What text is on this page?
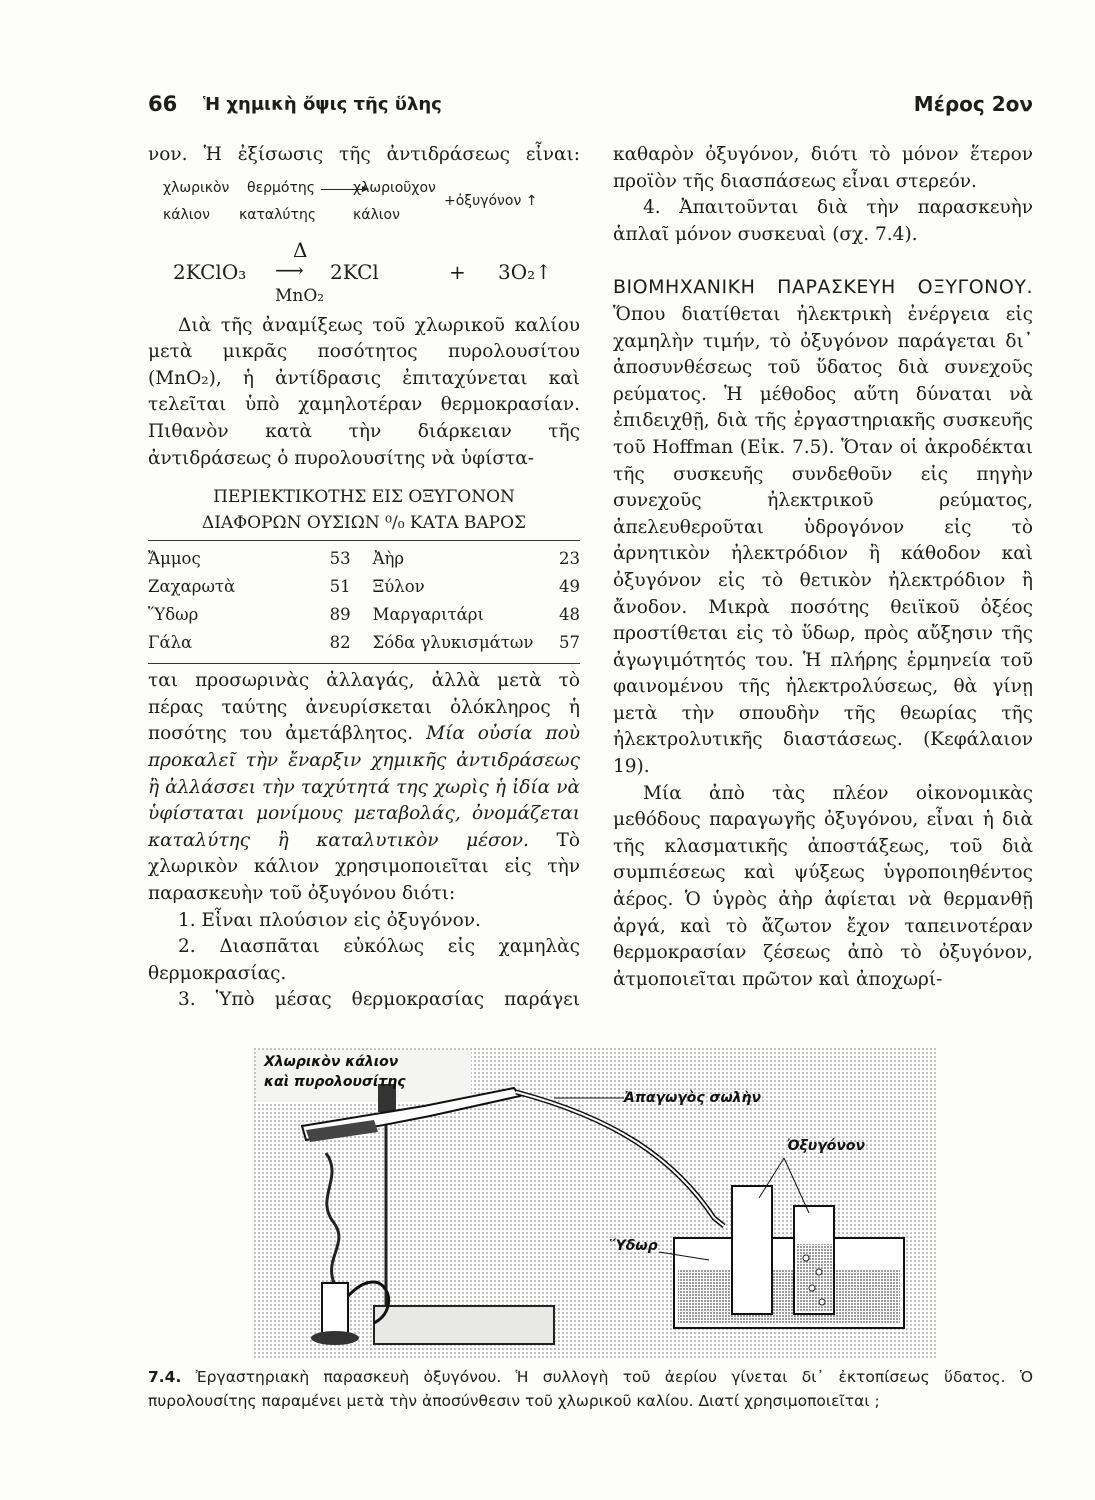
66 Ἡ χημικὴ ὄψις τῆς ὕλης	Μέρος 2ον

νον. Ἡ ἐξίσωσις τῆς ἀντιδράσεως εἶναι:

χλωρικὸν θερμότης	χλωριοῦχον
+ὀξυγόνον ↑
κάλιον καταλύτης	κάλιον
Δ
2KClO₃ ⟶ 2KCl	+ 3O₂↑
MnO₂

Διὰ τῆς ἀναμίξεως τοῦ χλωρικοῦ καλίου μετὰ μικρᾶς ποσότητος πυρολουσίτου (MnO₂), ἡ ἀντίδρασις ἐπιταχύνεται καὶ τελεῖται ὑπὸ χαμηλοτέραν θερμοκρασίαν. Πιθανὸν κατὰ τὴν διάρκειαν τῆς ἀντιδράσεως ὁ πυρολουσίτης νὰ ὑφίστα-

ΠΕΡΙΕΚΤΙΚΟΤΗΣ ΕΙΣ ΟΞΥΓΟΝΟΝ
ΔΙΑΦΟΡΩΝ ΟΥΣΙΩΝ ⁰/₀ ΚΑΤΑ ΒΑΡΟΣ
Ἄμμος	53	Ἀὴρ	23
Ζαχαρωτὰ	51	Ξύλον	49
Ὕδωρ	89	Μαργαριτάρι	48
Γάλα	82	Σόδα γλυκισμάτων	57

ται προσωρινὰς ἀλλαγάς, ἀλλὰ μετὰ τὸ πέρας ταύτης ἀνευρίσκεται ὁλόκληρος ἡ ποσότης του ἀμετάβλητος. Μία οὐσία ποὺ προκαλεῖ τὴν ἔναρξιν χημικῆς ἀντιδράσεως ἢ ἀλλάσσει τὴν ταχύτητά της χωρὶς ἡ ἰδία νὰ ὑφίσταται μονίμους μεταβολάς, ὀνομάζεται καταλύτης ἢ καταλυτικὸν μέσον. Τὸ χλωρικὸν κάλιον χρησιμοποιεῖται εἰς τὴν παρασκευὴν τοῦ ὀξυγόνου διότι:

1. Εἶναι πλούσιον εἰς ὀξυγόνον.

2. Διασπᾶται εὐκόλως εἰς χαμηλὰς θερμοκρασίας.

3. Ὑπὸ μέσας θερμοκρασίας παράγει

καθαρὸν ὀξυγόνον, διότι τὸ μόνον ἕτερον προϊὸν τῆς διασπάσεως εἶναι στερεόν.

4. Ἀπαιτοῦνται διὰ τὴν παρασκευὴν ἁπλαῖ μόνον συσκευαὶ (σχ. 7.4).

ΒΙΟΜΗΧΑΝΙΚΗ ΠΑΡΑΣΚΕΥΗ ΟΞΥΓΟΝΟΥ. Ὅπου διατίθεται ἠλεκτρικὴ ἐνέργεια εἰς χαμηλὴν τιμήν, τὸ ὀξυγόνον παράγεται δι᾽ ἀποσυνθέσεως τοῦ ὕδατος διὰ συνεχοῦς ρεύματος. Ἡ μέθοδος αὕτη δύναται νὰ ἐπιδειχθῇ, διὰ τῆς ἐργαστηριακῆς συσκευῆς τοῦ Hoffman (Εἰκ. 7.5). Ὅταν οἱ ἀκροδέκται τῆς συσκευῆς συνδεθοῦν εἰς πηγὴν συνεχοῦς ἠλεκτρικοῦ ρεύματος, ἀπελευθεροῦται ὑδρογόνον εἰς τὸ ἀρνητικὸν ἠλεκτρόδιον ἢ κάθοδον καὶ ὀξυγόνον εἰς τὸ θετικὸν ἠλεκτρόδιον ἢ ἄνοδον. Μικρὰ ποσότης θειϊκοῦ ὀξέος προστίθεται εἰς τὸ ὕδωρ, πρὸς αὔξησιν τῆς ἀγωγιμότητός του. Ἡ πλήρης ἑρμηνεία τοῦ φαινομένου τῆς ἠλεκτρολύσεως, θὰ γίνῃ μετὰ τὴν σπουδὴν τῆς θεωρίας τῆς ἠλεκτρολυτικῆς διαστάσεως. (Κεφάλαιον 19).

Μία ἀπὸ τὰς πλέον οἰκονομικὰς μεθόδους παραγωγῆς ὀξυγόνου, εἶναι ἡ διὰ τῆς κλασματικῆς ἀποστάξεως, τοῦ διὰ συμπιέσεως καὶ ψύξεως ὑγροποιηθέντος ἀέρος. Ὁ ὑγρὸς ἀὴρ ἀφίεται νὰ θερμανθῇ ἀργά, καὶ τὸ ἄζωτον ἔχον ταπεινοτέραν θερμοκρασίαν ζέσεως ἀπὸ τὸ ὀξυγόνον, ἀτμοποιεῖται πρῶτον καὶ ἀποχωρί-

Χλωρικὸν κάλιον
καὶ πυρολουσίτης
Ἀπαγωγὸς σωλὴν
Ὀξυγόνον
Ὕδωρ
7.4. Ἐργαστηριακὴ παρασκευὴ ὀξυγόνου. Ἡ συλλογὴ τοῦ ἀερίου γίνεται δι᾽ ἐκτοπίσεως ὕδατος. Ὁ πυρολουσίτης παραμένει μετὰ τὴν ἀποσύνθεσιν τοῦ χλωρικοῦ καλίου. Διατί χρησιμοποιεῖται ;
